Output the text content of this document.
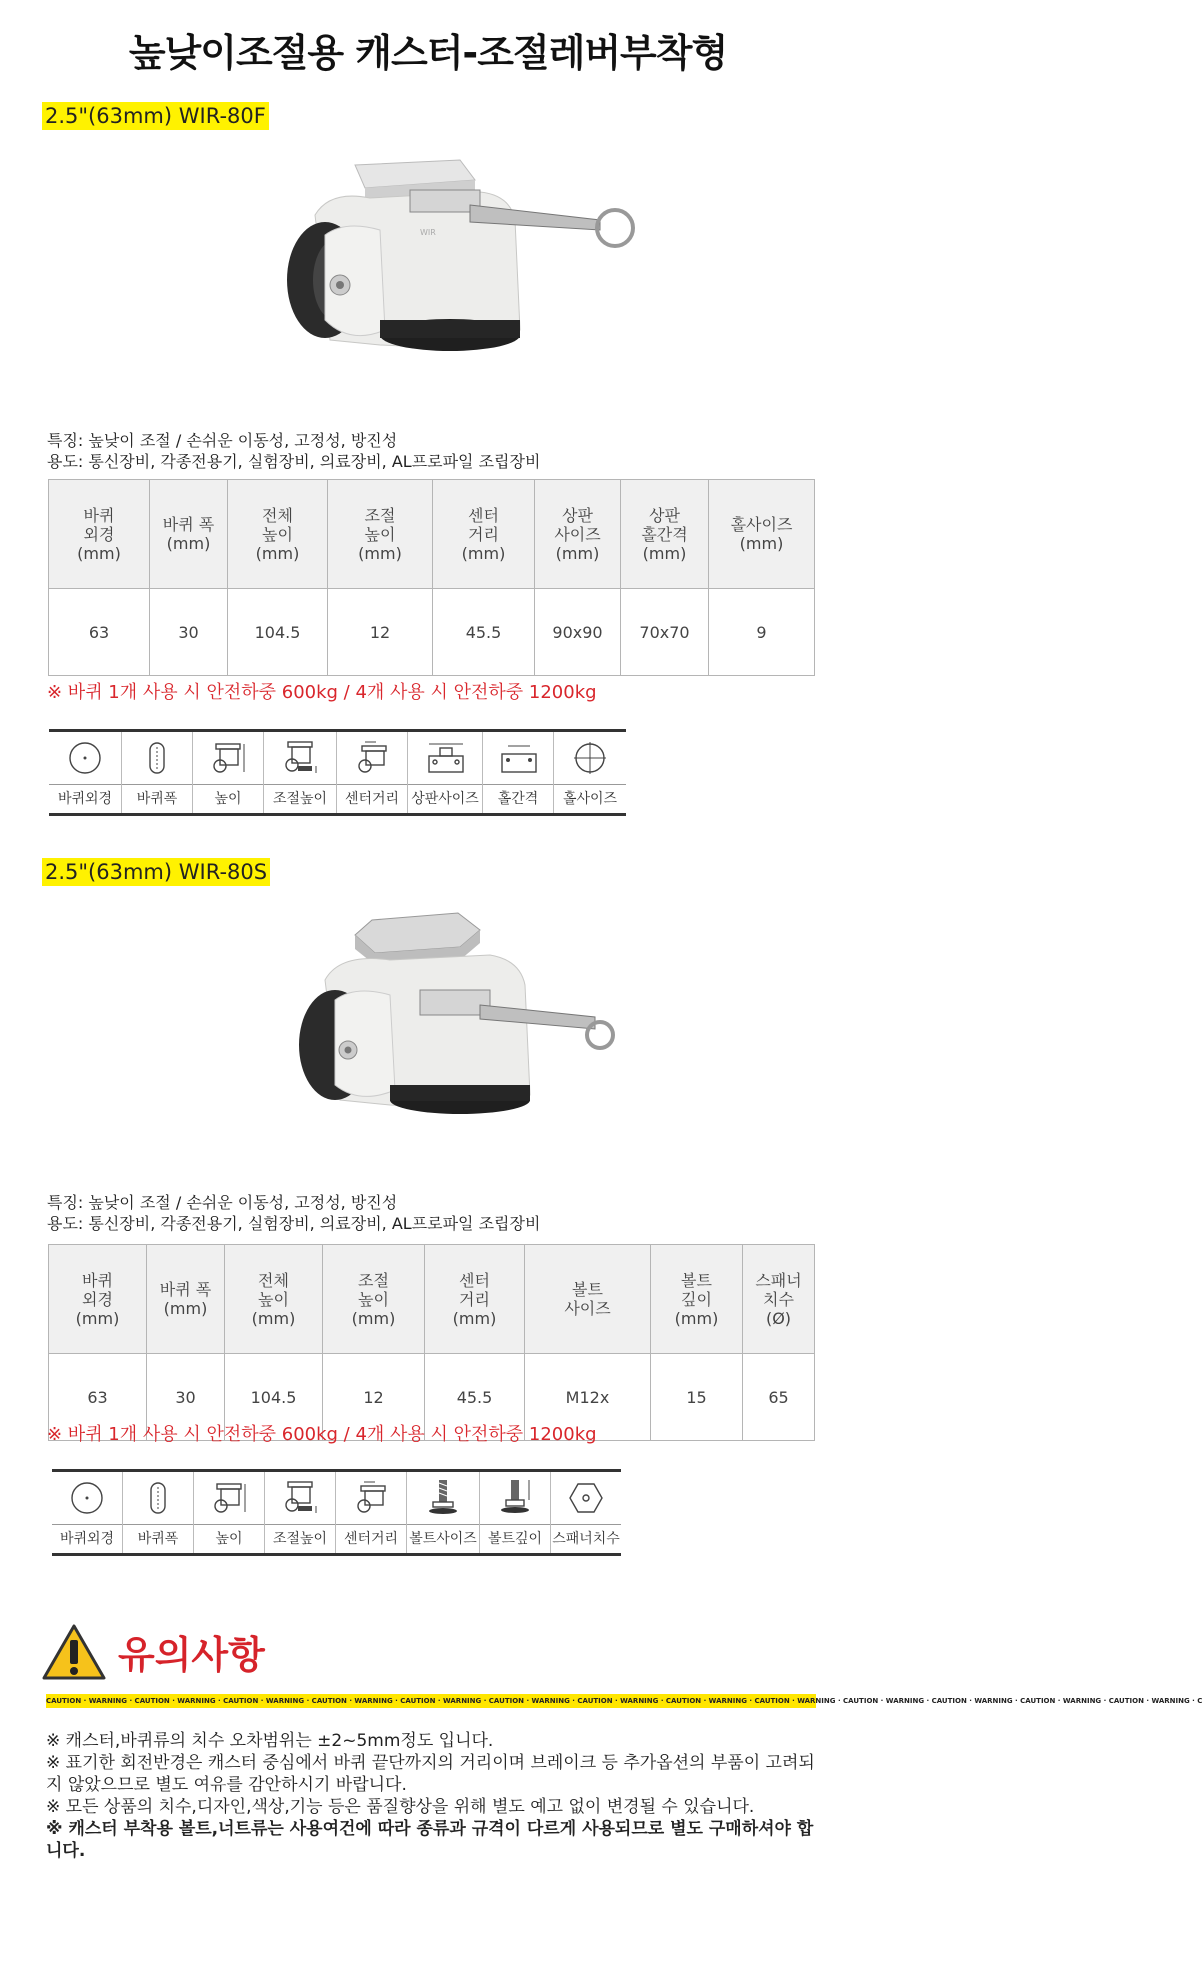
높낮이조절용 캐스터-조절레버부착형
2.5"(63mm) WIR-80F
WIR
특징: 높낮이 조절 / 손쉬운 이동성, 고정성, 방진성
용도: 통신장비, 각종전용기, 실험장비, 의료장비, AL프로파일 조립장비
바퀴
외경
(mm)	바퀴 폭
(mm)	전체
높이
(mm)	조절
높이
(mm)	센터
거리
(mm)	상판
사이즈
(mm)	상판
홀간격
(mm)	홀사이즈
(mm)
63	30	104.5	12	45.5	90x90	70x70	9
※ 바퀴 1개 사용 시 안전하중 600kg / 4개 사용 시 안전하중 1200kg
바퀴외경	바퀴폭	높이	조절높이	센터거리 상판사이즈	홀간격	홀사이즈
2.5"(63mm) WIR-80S
특징: 높낮이 조절 / 손쉬운 이동성, 고정성, 방진성
용도: 통신장비, 각종전용기, 실험장비, 의료장비, AL프로파일 조립장비
바퀴
외경
(mm)	바퀴 폭
(mm)	전체
높이
(mm)	조절
높이
(mm)	센터
거리
(mm)	볼트
사이즈	볼트
깊이
(mm)	스패너
치수
(Ø)
63	30	104.5	12	45.5	M12x	15	65
※ 바퀴 1개 사용 시 안전하중 600kg / 4개 사용 시 안전하중 1200kg
바퀴외경	바퀴폭	높이	조절높이	센터거리 볼트사이즈 볼트깊이 스패너치수
유의사항
CAUTION · WARNING · CAUTION · WARNING · CAUTION · WARNING · CAUTION · WARNING · CAUTION · WARNING · CAUTION · WARNING · CAUTION · WARNING · CAUTION · WARNING · CAUTION · WARNING · CAUTION · WARNING · CAUTION · WARNING · CAUTION · WARNING · CAUTION · WARNING · C
※ 캐스터,바퀴류의 치수 오차범위는 ±2~5mm정도 입니다.
※ 표기한 회전반경은 캐스터 중심에서 바퀴 끝단까지의 거리이며 브레이크 등 추가옵션의 부품이 고려되지 않았으므로 별도 여유를 감안하시기 바랍니다.
※ 모든 상품의 치수,디자인,색상,기능 등은 품질향상을 위해 별도 예고 없이 변경될 수 있습니다.
※ 캐스터 부착용 볼트,너트류는 사용여건에 따라 종류과 규격이 다르게 사용되므로 별도 구매하셔야 합니다.
